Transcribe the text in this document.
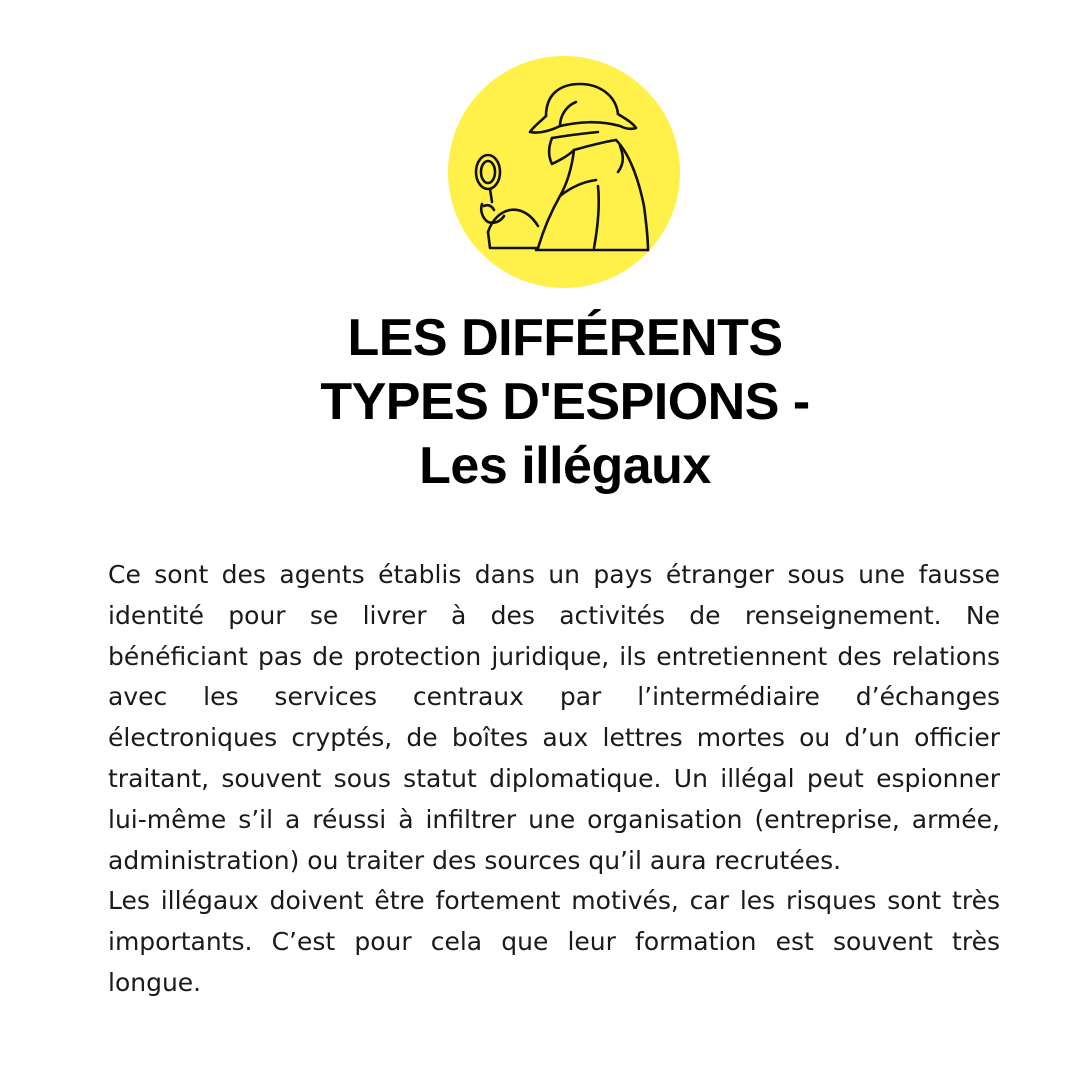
LES DIFFÉRENTS
TYPES D'ESPIONS -
Les illégaux

Ce sont des agents établis dans un pays étranger sous une fausse identité pour se livrer à des activités de renseignement. Ne bénéficiant pas de protection juridique, ils entretiennent des relations avec les services centraux par l’intermédiaire d’échanges électroniques cryptés, de boîtes aux lettres mortes ou d’un officier traitant, souvent sous statut diplomatique. Un illégal peut espionner lui-même s’il a réussi à infiltrer une organisation (entreprise, armée, administration) ou traiter des sources qu’il aura recrutées.

Les illégaux doivent être fortement motivés, car les risques sont très importants. C’est pour cela que leur formation est souvent très longue.
